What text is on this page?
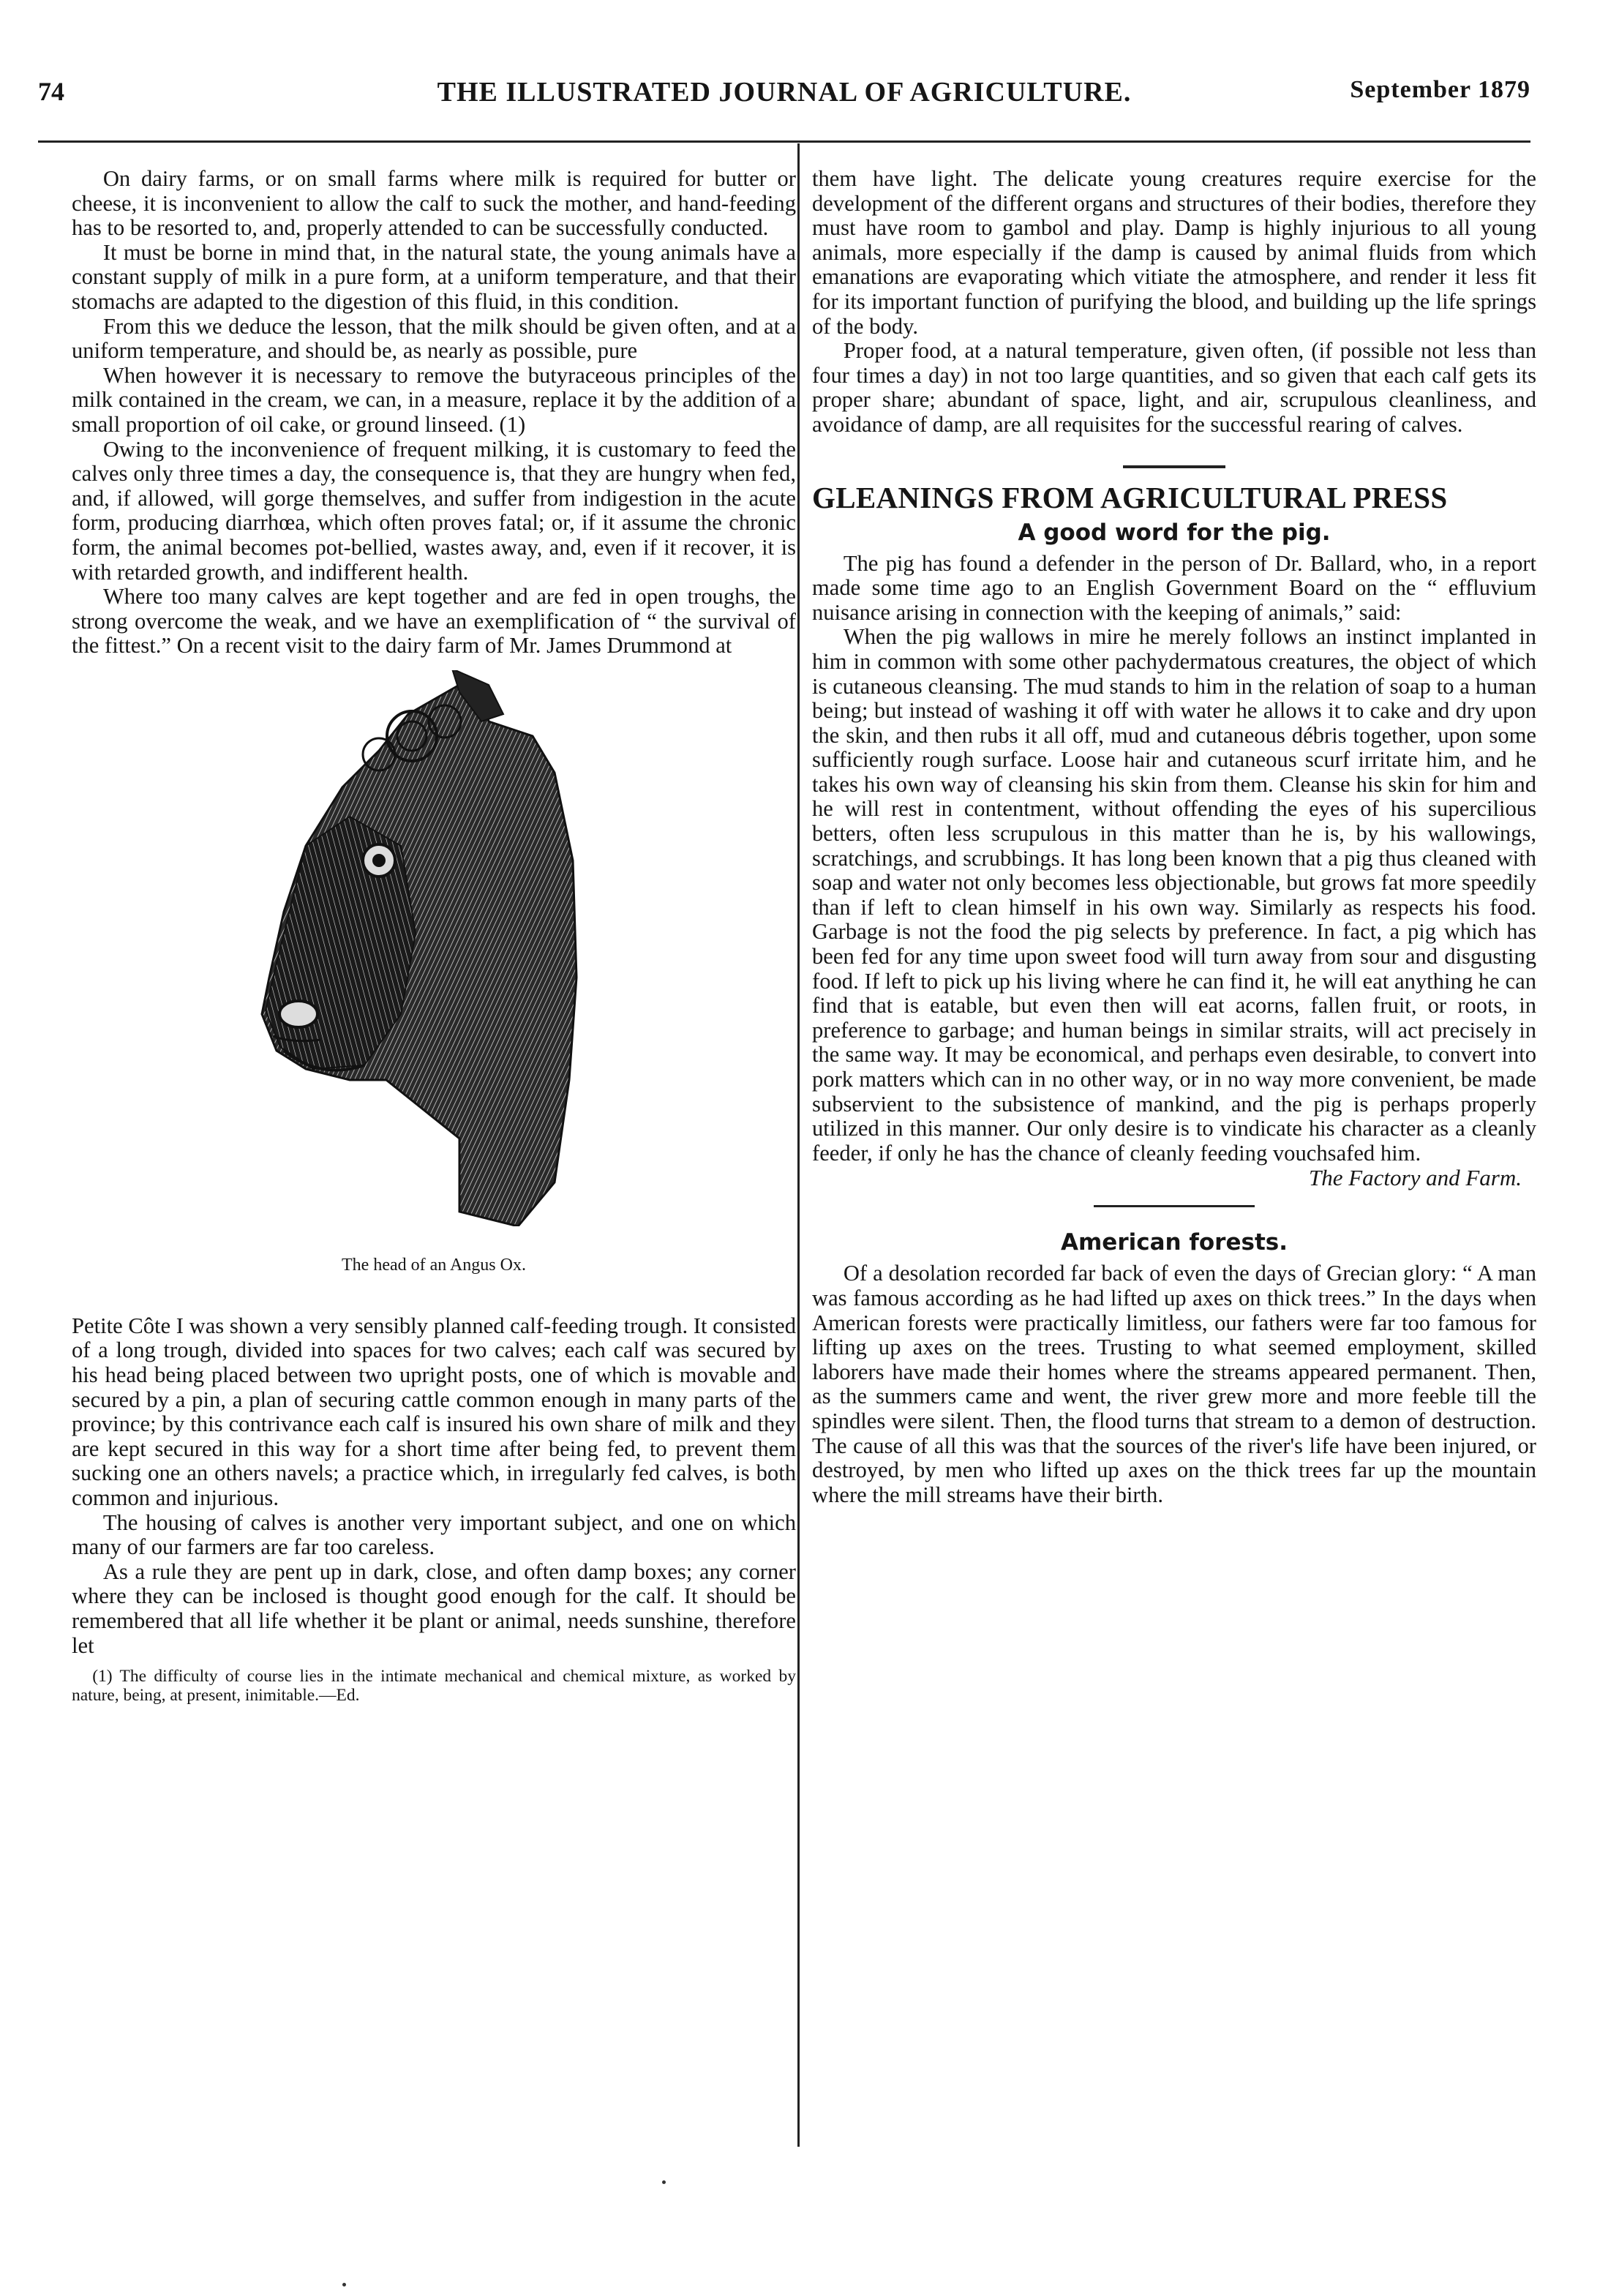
74	THE ILLUSTRATED JOURNAL OF AGRICULTURE.	September 1879

On dairy farms, or on small farms where milk is required for butter or cheese, it is inconvenient to allow the calf to suck the mother, and hand-feeding has to be resorted to, and, properly attended to can be successfully conducted.

It must be borne in mind that, in the natural state, the young animals have a constant supply of milk in a pure form, at a uniform temperature, and that their stomachs are adapted to the digestion of this fluid, in this condition.

From this we deduce the lesson, that the milk should be given often, and at a uniform temperature, and should be, as nearly as possible, pure

When however it is necessary to remove the butyraceous principles of the milk contained in the cream, we can, in a measure, replace it by the addition of a small proportion of oil cake, or ground linseed. (1)

Owing to the inconvenience of frequent milking, it is customary to feed the calves only three times a day, the consequence is, that they are hungry when fed, and, if allowed, will gorge themselves, and suffer from indigestion in the acute form, producing diarrhœa, which often proves fatal; or, if it assume the chronic form, the animal becomes pot-bellied, wastes away, and, even if it recover, it is with retarded growth, and indifferent health.

Where too many calves are kept together and are fed in open troughs, the strong overcome the weak, and we have an exemplification of “ the survival of the fittest.” On a recent visit to the dairy farm of Mr. James Drummond at

The head of an Angus Ox.

Petite Côte I was shown a very sensibly planned calf-feeding trough. It consisted of a long trough, divided into spaces for two calves; each calf was secured by his head being placed between two upright posts, one of which is movable and secured by a pin, a plan of securing cattle common enough in many parts of the province; by this contrivance each calf is insured his own share of milk and they are kept secured in this way for a short time after being fed, to prevent them sucking one an others navels; a practice which, in irregularly fed calves, is both common and injurious.

The housing of calves is another very important subject, and one on which many of our farmers are far too careless.

As a rule they are pent up in dark, close, and often damp boxes; any corner where they can be inclosed is thought good enough for the calf. It should be remembered that all life whether it be plant or animal, needs sunshine, therefore let

(1) The difficulty of course lies in the intimate mechanical and chemical mixture, as worked by nature, being, at present, inimitable.—Ed.

them have light. The delicate young creatures require exercise for the development of the different organs and structures of their bodies, therefore they must have room to gambol and play. Damp is highly injurious to all young animals, more especially if the damp is caused by animal fluids from which emanations are evaporating which vitiate the atmosphere, and render it less fit for its important function of purifying the blood, and building up the life springs of the body.

Proper food, at a natural temperature, given often, (if possible not less than four times a day) in not too large quantities, and so given that each calf gets its proper share; abundant of space, light, and air, scrupulous cleanliness, and avoidance of damp, are all requisites for the successful rearing of calves.

GLEANINGS FROM AGRICULTURAL PRESS
A good word for the pig.

The pig has found a defender in the person of Dr. Ballard, who, in a report made some time ago to an English Government Board on the “ effluvium nuisance arising in connection with the keeping of animals,” said:

When the pig wallows in mire he merely follows an instinct implanted in him in common with some other pachydermatous creatures, the object of which is cutaneous cleansing. The mud stands to him in the relation of soap to a human being; but instead of washing it off with water he allows it to cake and dry upon the skin, and then rubs it all off, mud and cutaneous débris together, upon some sufficiently rough surface. Loose hair and cutaneous scurf irritate him, and he takes his own way of cleansing his skin from them. Cleanse his skin for him and he will rest in contentment, without offending the eyes of his supercilious betters, often less scrupulous in this matter than he is, by his wallowings, scratchings, and scrubbings. It has long been known that a pig thus cleaned with soap and water not only becomes less objectionable, but grows fat more speedily than if left to clean himself in his own way. Similarly as respects his food. Garbage is not the food the pig selects by preference. In fact, a pig which has been fed for any time upon sweet food will turn away from sour and disgusting food. If left to pick up his living where he can find it, he will eat anything he can find that is eatable, but even then will eat acorns, fallen fruit, or roots, in preference to garbage; and human beings in similar straits, will act precisely in the same way. It may be economical, and perhaps even desirable, to convert into pork matters which can in no other way, or in no way more convenient, be made subservient to the subsistence of mankind, and the pig is perhaps properly utilized in this manner. Our only desire is to vindicate his character as a cleanly feeder, if only he has the chance of cleanly feeding vouchsafed him.

The Factory and Farm.
American forests.

Of a desolation recorded far back of even the days of Grecian glory: “ A man was famous according as he had lifted up axes on thick trees.” In the days when American forests were practically limitless, our fathers were far too famous for lifting up axes on the trees. Trusting to what seemed employment, skilled laborers have made their homes where the streams appeared permanent. Then, as the summers came and went, the river grew more and more feeble till the spindles were silent. Then, the flood turns that stream to a demon of destruction. The cause of all this was that the sources of the river's life have been injured, or destroyed, by men who lifted up axes on the thick trees far up the mountain where the mill streams have their birth.
